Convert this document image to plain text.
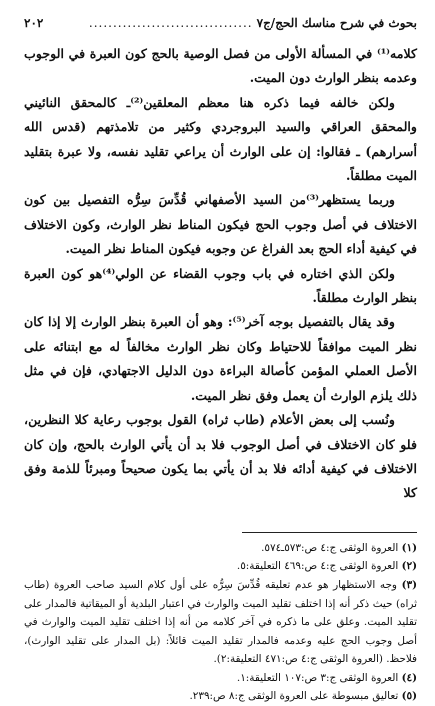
بحوث في شرح مناسك الحج/ج٧
..................................
٢٠٢

كلامه⁽¹⁾ في المسألة الأولى من فصل الوصية بالحج كون العبرة في الوجوب وعدمه بنظر الوارث دون الميت.

ولكن خالفه فيما ذكره هنا معظم المعلقين⁽²⁾ـ كالمحقق النائيني والمحقق العراقي والسيد البروجردي وكثير من تلامذتهم (قدس الله أسرارهم) ـ فقالوا: إن على الوارث أن يراعي تقليد نفسه، ولا عبرة بتقليد الميت مطلقاً.

وربما يستظهر⁽³⁾من السيد الأصفهاني قُدِّسَ سِرُّه التفصيل بين كون الاختلاف في أصل وجوب الحج فيكون المناط نظر الوارث، وكون الاختلاف في كيفية أداء الحج بعد الفراغ عن وجوبه فيكون المناط نظر الميت.

ولكن الذي اختاره في باب وجوب القضاء عن الولي⁽⁴⁾هو كون العبرة بنظر الوارث مطلقاً.

وقد يقال بالتفصيل بوجه آخر⁽⁵⁾: وهو أن العبرة بنظر الوارث إلا إذا كان نظر الميت موافقاً للاحتياط وكان نظر الوارث مخالفاً له مع ابتنائه على الأصل العملي المؤمن كأصالة البراءة دون الدليل الاجتهادي، فإن في مثل ذلك يلزم الوارث أن يعمل وفق نظر الميت.

ونُسب إلى بعض الأعلام (طاب ثراه) القول بوجوب رعاية كلا النظرين، فلو كان الاختلاف في أصل الوجوب فلا بد أن يأتي الوارث بالحج، وإن كان الاختلاف في كيفية أدائه فلا بد أن يأتي بما يكون صحيحاً ومبرئاً للذمة وفق كلا

(١) العروة الوثقى ج:٤ ص:٥٧٣ـ٥٧٤.

(٢) العروة الوثقى ج:٤ ص:٤٦٩ التعليقة:٥.

(٣) وجه الاستظهار هو عدم تعليقه قُدِّسَ سِرُّه على أول كلام السيد صاحب العروة (طاب ثراه) حيث ذكر أنه إذا اختلف تقليد الميت والوارث في اعتبار البلدية أو الميقاتية فالمدار على تقليد الميت. وعلق على ما ذكره في آخر كلامه من أنه إذا اختلف تقليد الميت والوارث في أصل وجوب الحج عليه وعدمه فالمدار تقليد الميت قائلاً: (بل المدار على تقليد الوارث)، فلاحظ. (العروة الوثقى ج:٤ ص:٤٧١ التعليقة:٢).

(٤) العروة الوثقى ج:٣ ص:١٠٧ التعليقة:١.

(٥) تعاليق مبسوطة على العروة الوثقى ج:٨ ص:٢٣٩.
